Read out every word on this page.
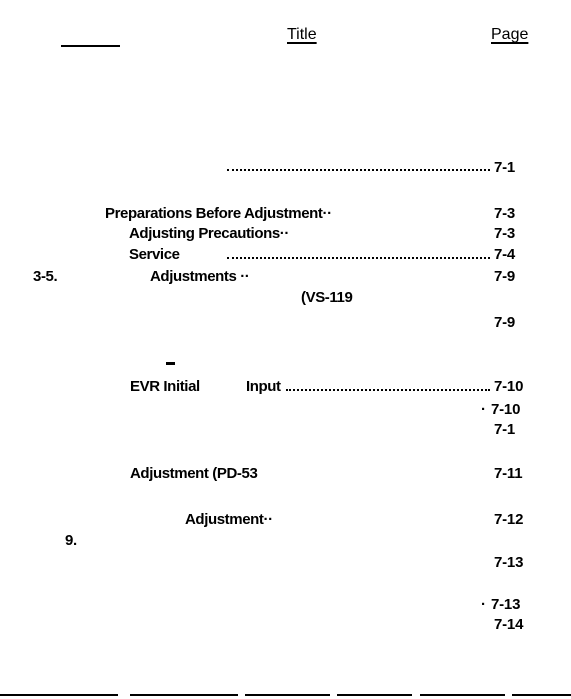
Title	Page
7-1
Preparations Before Adjustment··	7-3
Adjusting Precautions··	7-3
Service	7-4
3-5.	Adjustments ··	7-9
(VS-119
7-9
EVR Initial	Input	7-10
· 7-10
7-1
Adjustment (PD-53	7-11
Adjustment··	7-12
9.
7-13
· 7-13
7-14
